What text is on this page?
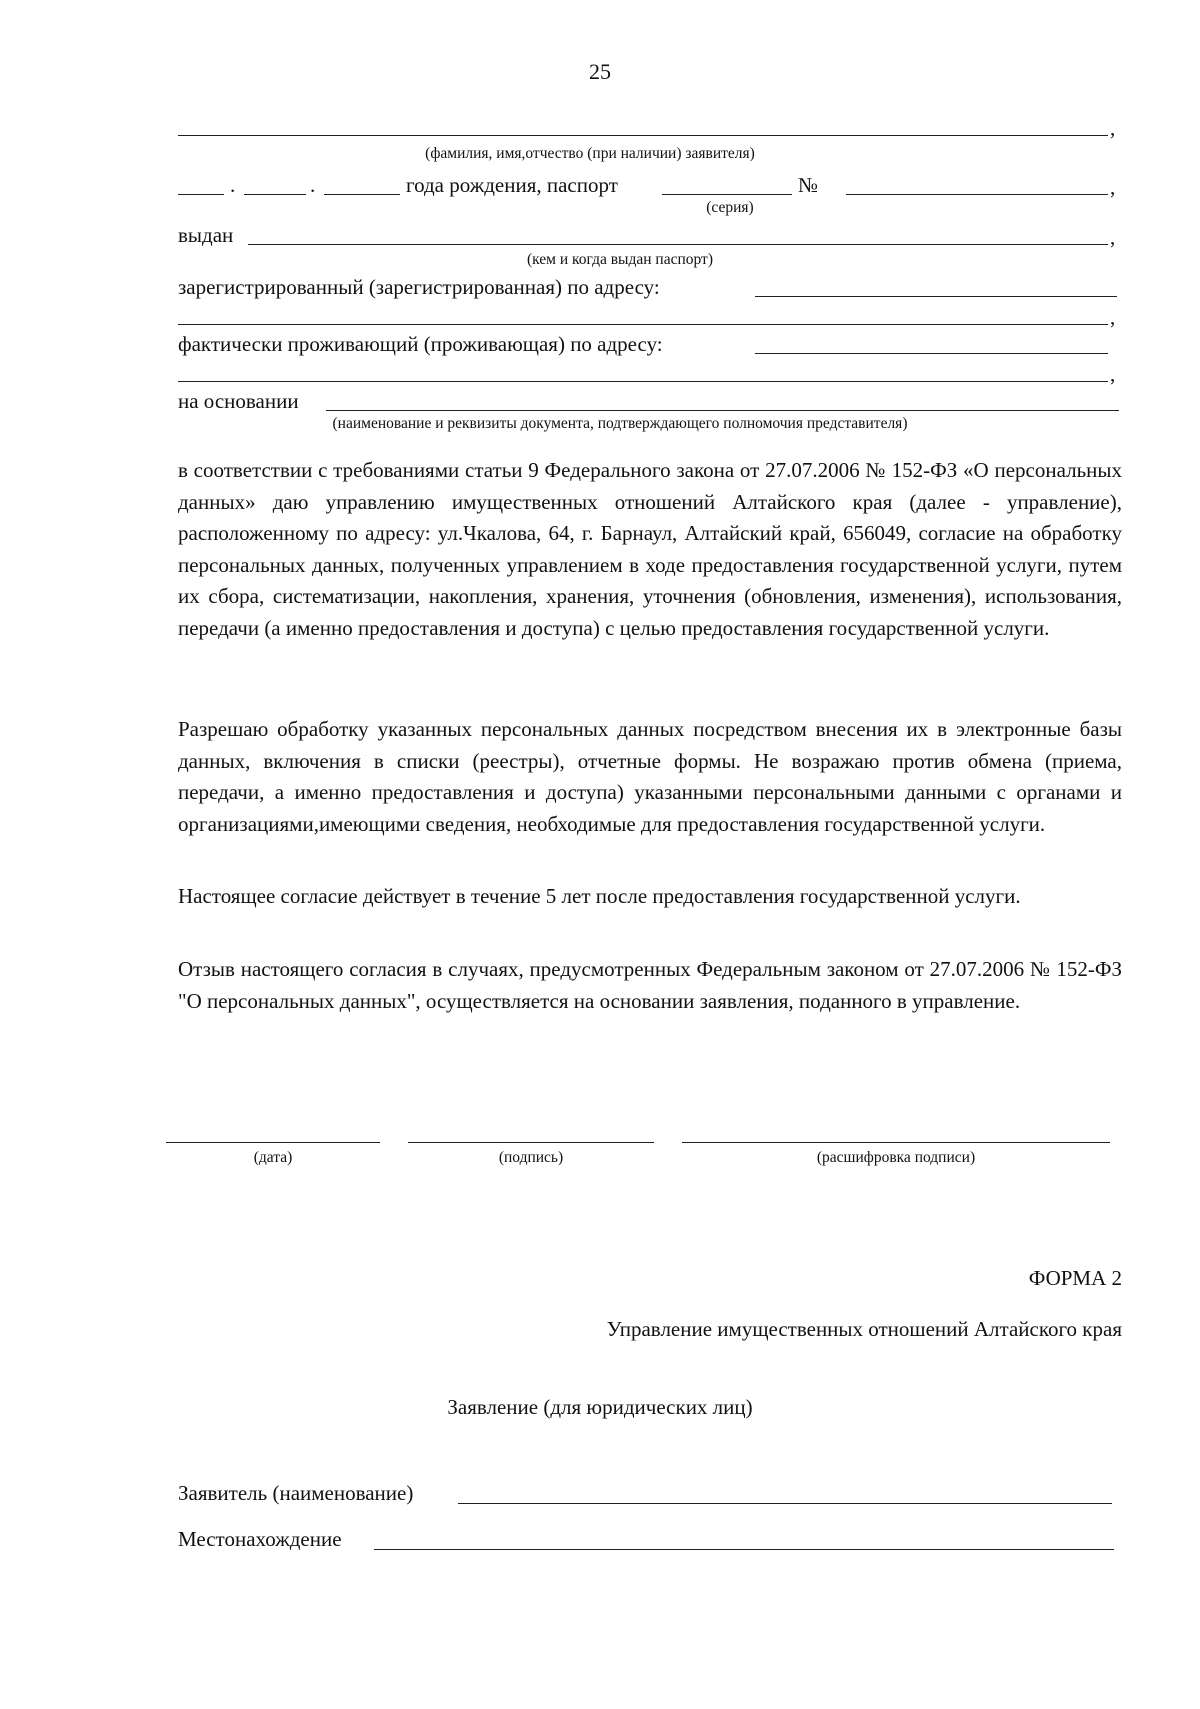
25
,
(фамилия, имя,отчество (при наличии) заявителя)
.	.	года рождения, паспорт	№	,
(серия)
выдан	,
(кем и когда выдан паспорт)
зарегистрированный (зарегистрированная) по адресу:
,
фактически проживающий (проживающая) по адресу:
,
на основании
(наименование и реквизиты документа, подтверждающего полномочия представителя)
в соответствии с требованиями статьи 9 Федерального закона от 27.07.2006 № 152-ФЗ «О персональных данных» даю управлению имущественных отношений Алтайского края (далее - управление), расположенному по адресу: ул.Чкалова, 64, г. Барнаул, Алтайский край, 656049, согласие на обработку персональных данных, полученных управлением в ходе предоставления государственной услуги, путем их сбора, систематизации, накопления, хранения, уточнения (обновления, изменения), использования, передачи (а именно предоставления и доступа) с целью предоставления государственной услуги.
Разрешаю обработку указанных персональных данных посредством внесения их в электронные базы данных, включения в списки (реестры), отчетные формы. Не возражаю против обмена (приема, передачи, а именно предоставления и доступа) указанными персональными данными с органами и организациями,имеющими сведения, необходимые для предоставления государственной услуги.
Настоящее согласие действует в течение 5 лет после предоставления государственной услуги.
Отзыв настоящего согласия в случаях, предусмотренных Федеральным законом от 27.07.2006 № 152-ФЗ "О персональных данных", осуществляется на основании заявления, поданного в управление.
(дата)	(подпись)	(расшифровка подписи)
ФОРМА 2
Управление имущественных отношений Алтайского края
Заявление (для юридических лиц)
Заявитель (наименование)
Местонахождение
